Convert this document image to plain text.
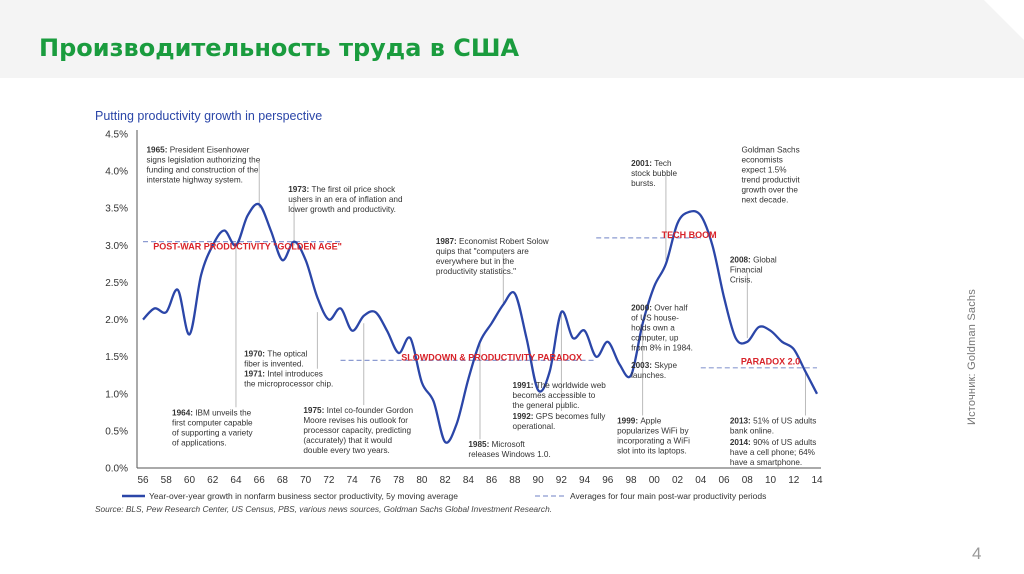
Производительность труда в США
Putting productivity growth in perspective
0.0%
0.5%
1.0%
1.5%
2.0%
2.5%
3.0%
3.5%
4.0%
4.5%
56 58 60 62 64 66 68 70 72 74 76 78 80 82 84 86 88 90 92 94 96 98 00 02 04 06 08 10 12 14
POST-WAR PRODUCTIVITY "GOLDEN AGE"
SLOWDOWN & PRODUCTIVITY PARADOX
TECH BOOM
PARADOX 2.0
1965: President Eisenhower signs legislation authorizing the funding and construction of the interstate highway system.
1973: The first oil price shock ushers in an era of inflation and lower growth and productivity.
1987: Economist Robert Solow quips that "computers are everywhere but in the productivity statistics."
2001: Tech stock bubble bursts.
Goldman Sachs economists expect 1.5% trend productivit growth over the next decade.
2008: Global Financial Crisis.
2000: Over half of US house-holds own a computer, up from 8% in 1984.
2003: Skype launches.
1970: The optical fiber is invented.
1971: Intel introduces the microprocessor chip.
1964: IBM unveils the first computer capable of supporting a variety of applications.
1975: Intel co-founder Gordon Moore revises his outlook for processor capacity, predicting (accurately) that it would double every two years.
1991: The worldwide web becomes accessible to the general public.
1992: GPS becomes fully operational.
1985: Microsoft releases Windows 1.0.
1999: Apple popularizes WiFi by incorporating a WiFi slot into its laptops.
2013: 51% of US adults bank online.
2014: 90% of US adults have a cell phone; 64% have a smartphone.
Year-over-year growth in nonfarm business sector productivity, 5y moving average	Averages for four main post-war productivity periods
Source: BLS, Pew Research Center, US Census, PBS, various news sources, Goldman Sachs Global Investment Research.
Источник: Goldman Sachs
4
